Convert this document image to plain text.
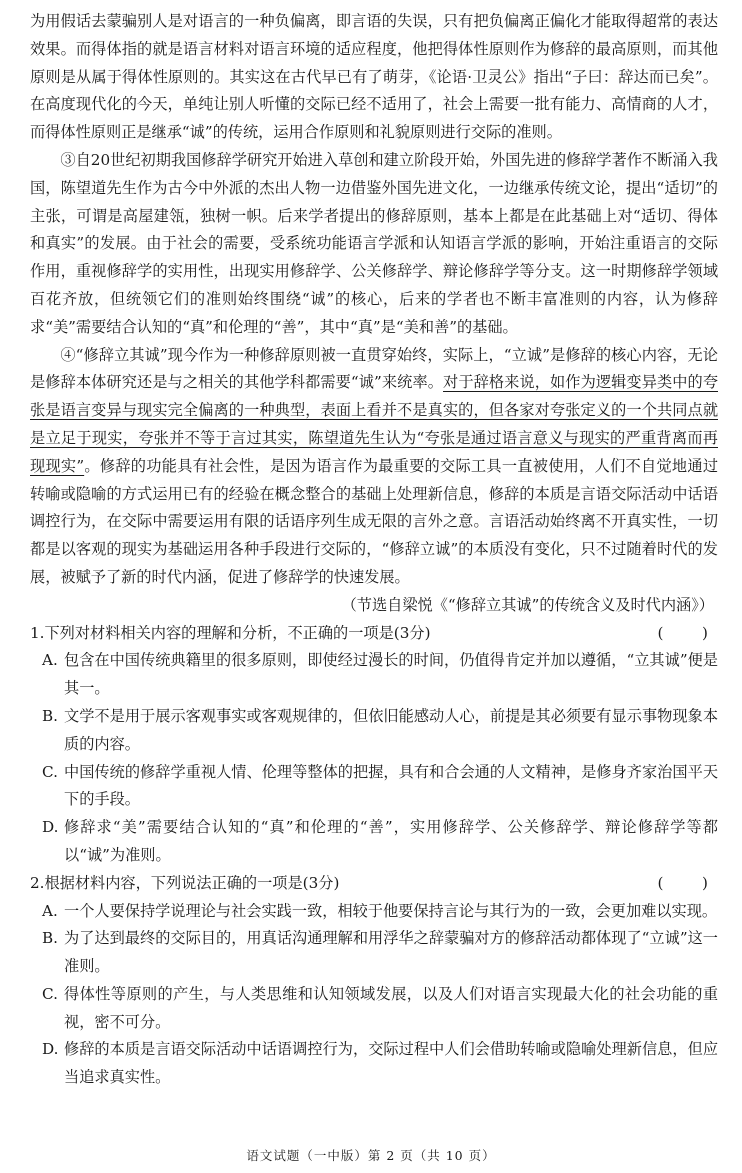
为用假话去蒙骗别人是对语言的一种负偏离，即言语的失误，只有把负偏离正偏化才能取得超常的表达效果。而得体指的就是语言材料对语言环境的适应程度，他把得体性原则作为修辞的最高原则，而其他原则是从属于得体性原则的。其实这在古代早已有了萌芽，《论语·卫灵公》指出“子曰：辞达而已矣”。在高度现代化的今天，单纯让别人听懂的交际已经不适用了，社会上需要一批有能力、高情商的人才，而得体性原则正是继承“诚”的传统，运用合作原则和礼貌原则进行交际的准则。

③自20世纪初期我国修辞学研究开始进入草创和建立阶段开始，外国先进的修辞学著作不断涌入我国，陈望道先生作为古今中外派的杰出人物一边借鉴外国先进文化，一边继承传统文论，提出“适切”的主张，可谓是高屋建瓴，独树一帜。后来学者提出的修辞原则，基本上都是在此基础上对“适切、得体和真实”的发展。由于社会的需要，受系统功能语言学派和认知语言学派的影响，开始注重语言的交际作用，重视修辞学的实用性，出现实用修辞学、公关修辞学、辩论修辞学等分支。这一时期修辞学领域百花齐放，但统领它们的准则始终围绕“诚”的核心，后来的学者也不断丰富准则的内容，认为修辞求“美”需要结合认知的“真”和伦理的“善”，其中“真”是“美和善”的基础。

④“修辞立其诚”现今作为一种修辞原则被一直贯穿始终，实际上，“立诚”是修辞的核心内容，无论是修辞本体研究还是与之相关的其他学科都需要“诚”来统率。对于辞格来说，如作为逻辑变异类中的夸张是语言变异与现实完全偏离的一种典型，表面上看并不是真实的，但各家对夸张定义的一个共同点就是立足于现实，夸张并不等于言过其实，陈望道先生认为“夸张是通过语言意义与现实的严重背离而再现现实”。修辞的功能具有社会性，是因为语言作为最重要的交际工具一直被使用，人们不自觉地通过转喻或隐喻的方式运用已有的经验在概念整合的基础上处理新信息，修辞的本质是言语交际活动中话语调控行为，在交际中需要运用有限的话语序列生成无限的言外之意。言语活动始终离不开真实性，一切都是以客观的现实为基础运用各种手段进行交际的，“修辞立诚”的本质没有变化，只不过随着时代的发展，被赋予了新的时代内涵，促进了修辞学的快速发展。

（节选自梁悦《“修辞立其诚”的传统含义及时代内涵》）

1.下列对材料相关内容的理解和分析，不正确的一项是(3分)	(        )
A. 包含在中国传统典籍里的很多原则，即使经过漫长的时间，仍值得肯定并加以遵循，“立其诚”便是其一。
B. 文学不是用于展示客观事实或客观规律的，但依旧能感动人心，前提是其必须要有显示事物现象本质的内容。
C. 中国传统的修辞学重视人情、伦理等整体的把握，具有和合会通的人文精神，是修身齐家治国平天下的手段。
D. 修辞求“美”需要结合认知的“真”和伦理的“善”，实用修辞学、公关修辞学、辩论修辞学等都以“诚”为准则。
2.根据材料内容，下列说法正确的一项是(3分)	(        )
A. 一个人要保持学说理论与社会实践一致，相较于他要保持言论与其行为的一致，会更加难以实现。
B. 为了达到最终的交际目的，用真话沟通理解和用浮华之辞蒙骗对方的修辞活动都体现了“立诚”这一准则。
C. 得体性等原则的产生，与人类思维和认知领域发展，以及人们对语言实现最大化的社会功能的重视，密不可分。
D. 修辞的本质是言语交际活动中话语调控行为，交际过程中人们会借助转喻或隐喻处理新信息，但应当追求真实性。
语文试题（一中版）第 2 页（共 10 页）
